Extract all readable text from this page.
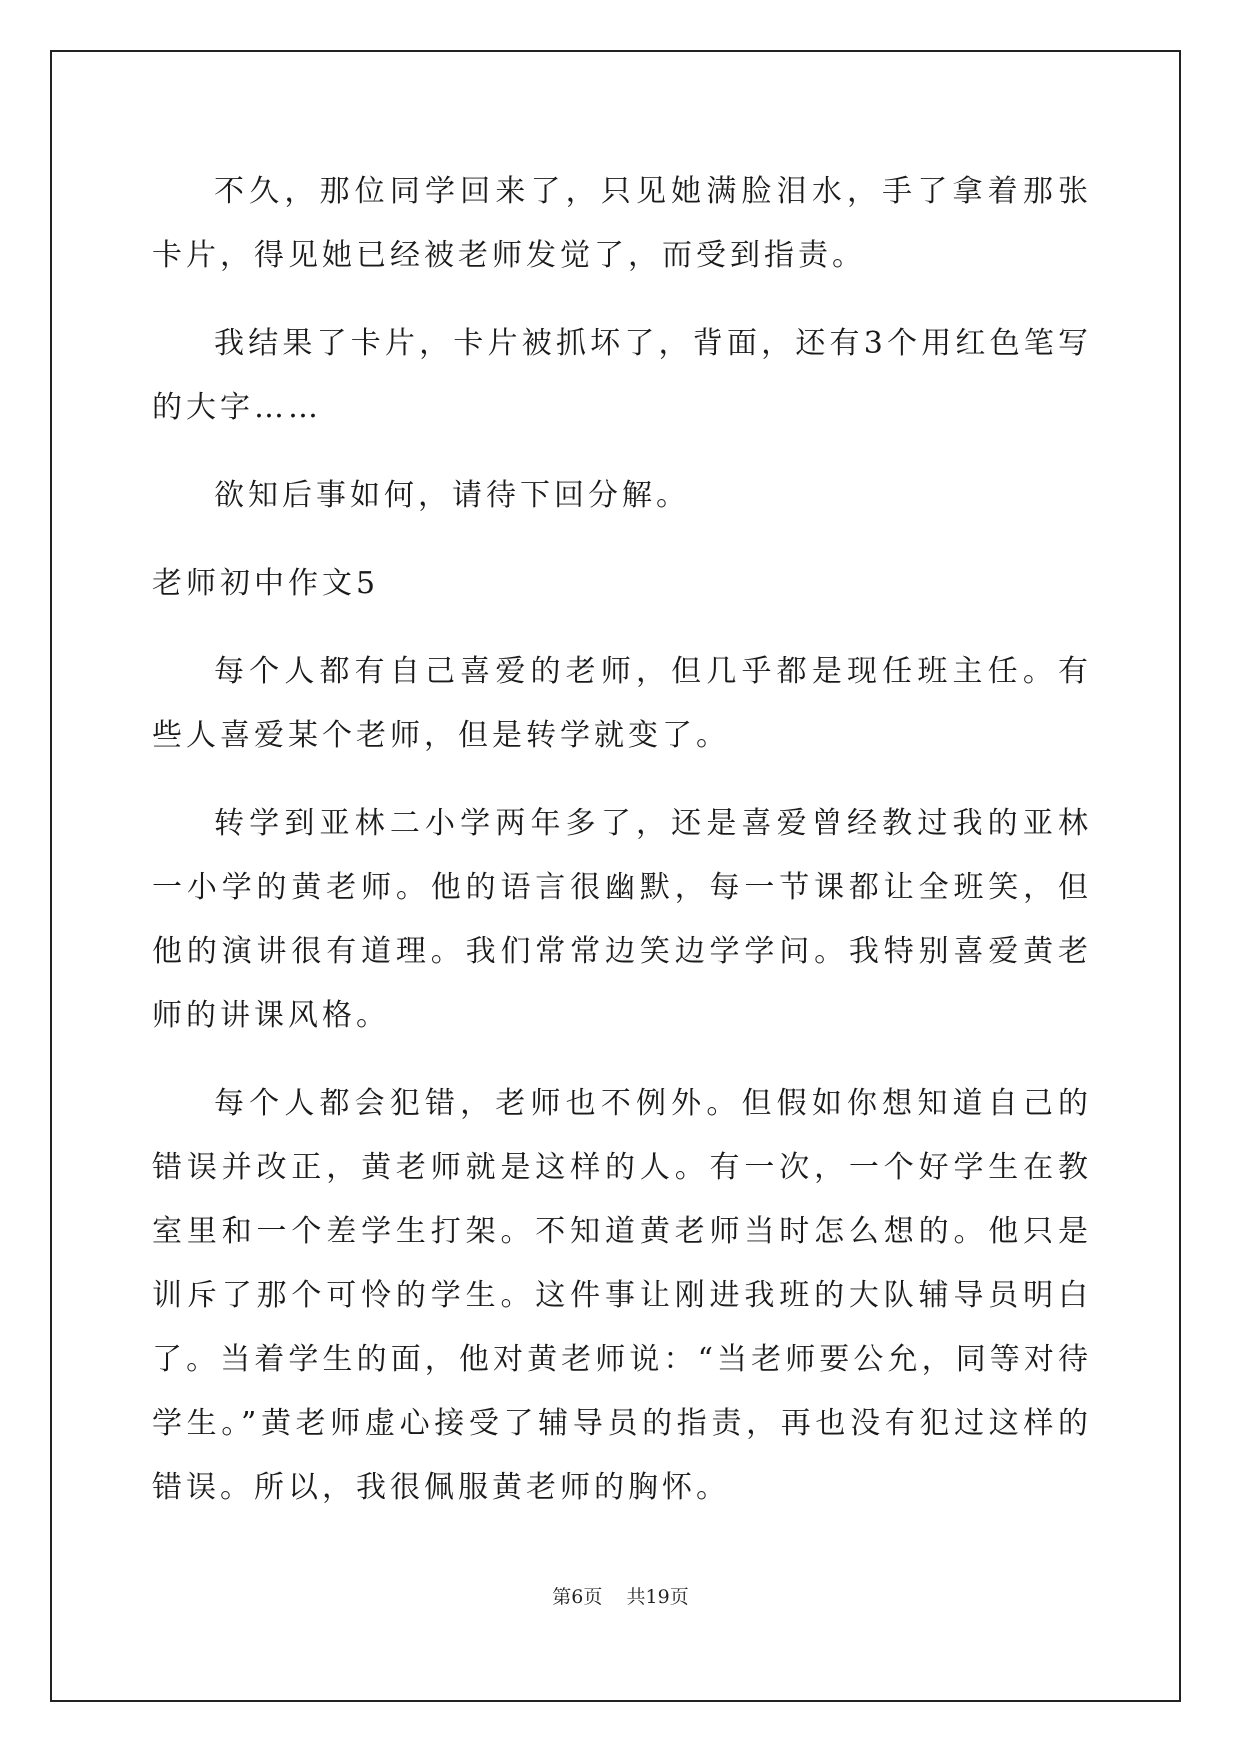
不久，那位同学回来了，只见她满脸泪水，手了拿着那张卡片，得见她已经被老师发觉了，而受到指责。

我结果了卡片，卡片被抓坏了，背面，还有3个用红色笔写的大字……

欲知后事如何，请待下回分解。

老师初中作文5

每个人都有自己喜爱的老师，但几乎都是现任班主任。有些人喜爱某个老师，但是转学就变了。

转学到亚林二小学两年多了，还是喜爱曾经教过我的亚林一小学的黄老师。他的语言很幽默，每一节课都让全班笑，但他的演讲很有道理。我们常常边笑边学学问。我特别喜爱黄老师的讲课风格。

每个人都会犯错，老师也不例外。但假如你想知道自己的错误并改正，黄老师就是这样的人。有一次，一个好学生在教室里和一个差学生打架。不知道黄老师当时怎么想的。他只是训斥了那个可怜的学生。这件事让刚进我班的大队辅导员明白了。当着学生的面，他对黄老师说：“当老师要公允，同等对待学生。”黄老师虚心接受了辅导员的指责，再也没有犯过这样的错误。所以，我很佩服黄老师的胸怀。

第6页 共19页
